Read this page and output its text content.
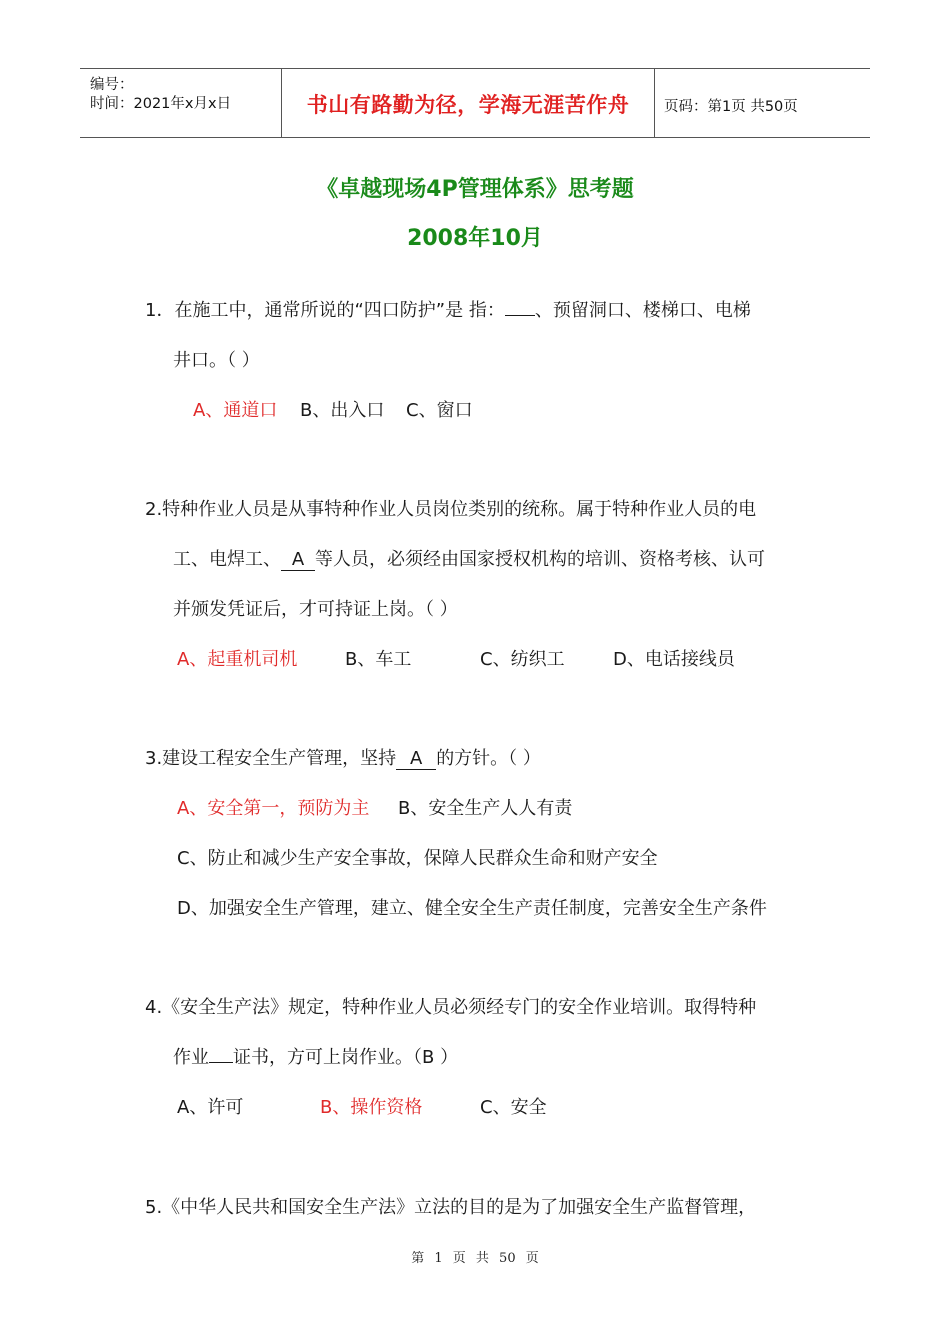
编号：
时间：2021年x月x日	书山有路勤为径，学海无涯苦作舟	页码：第1页 共50页
《卓越现场4P管理体系》思考题
2008年10月
1．在施工中，通常所说的“四口防护”是 指： 、预留洞口、楼梯口、电梯
井口。（ ）
A、通道口 B、出入口 C、窗口
2.特种作业人员是从事特种作业人员岗位类别的统称。属于特种作业人员的电
工、电焊工、 A 等人员，必须经由国家授权机构的培训、资格考核、认可
并颁发凭证后，才可持证上岗。（ ）
A、起重机司机	B、车工	C、纺织工	D、电话接线员
3.建设工程安全生产管理，坚持 A 的方针。（ ）
A、安全第一，预防为主 B、安全生产人人有责
C、防止和减少生产安全事故，保障人民群众生命和财产安全
D、加强安全生产管理，建立、健全安全生产责任制度，完善安全生产条件
4.《安全生产法》规定，特种作业人员必须经专门的安全作业培训。取得特种
作业 证书，方可上岗作业。（B ）
A、许可	B、操作资格	C、安全
5.《中华人民共和国安全生产法》立法的目的是为了加强安全生产监督管理，
第 1 页 共 50 页
